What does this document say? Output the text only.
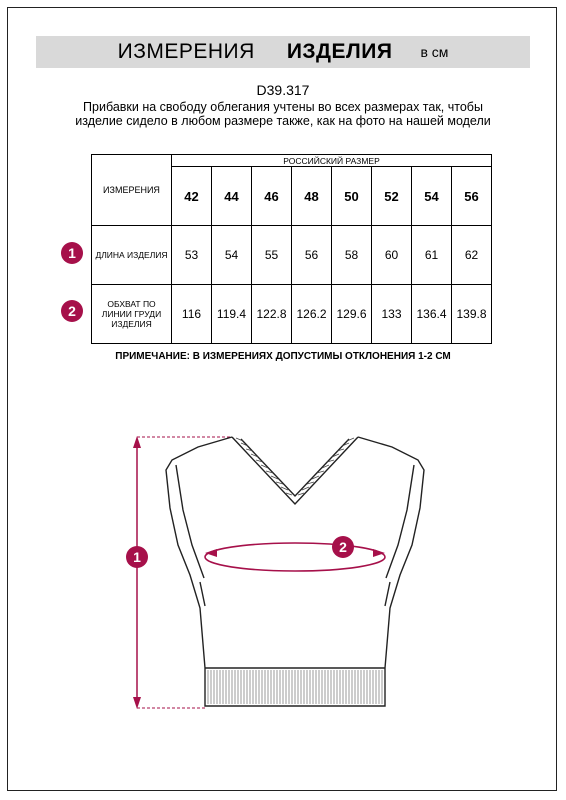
ИЗМЕРЕНИЯ ИЗДЕЛИЯ в см
D39.317
Прибавки на свободу облегания учтены во всех размерах так, чтобы изделие сидело в любом размере также, как на фото на нашей модели
ИЗМЕРЕНИЯ	РОССИЙСКИЙ РАЗМЕР							
	42	44	46	48	50	52	54	56
ДЛИНА ИЗДЕЛИЯ	53	54	55	56	58	60	61	62
ОБХВАТ ПО ЛИНИИ ГРУДИ ИЗДЕЛИЯ	116	119.4	122.8	126.2	129.6	133	136.4	139.8
1
2
ПРИМЕЧАНИЕ: В ИЗМЕРЕНИЯХ ДОПУСТИМЫ ОТКЛОНЕНИЯ 1-2 СМ
1
2
